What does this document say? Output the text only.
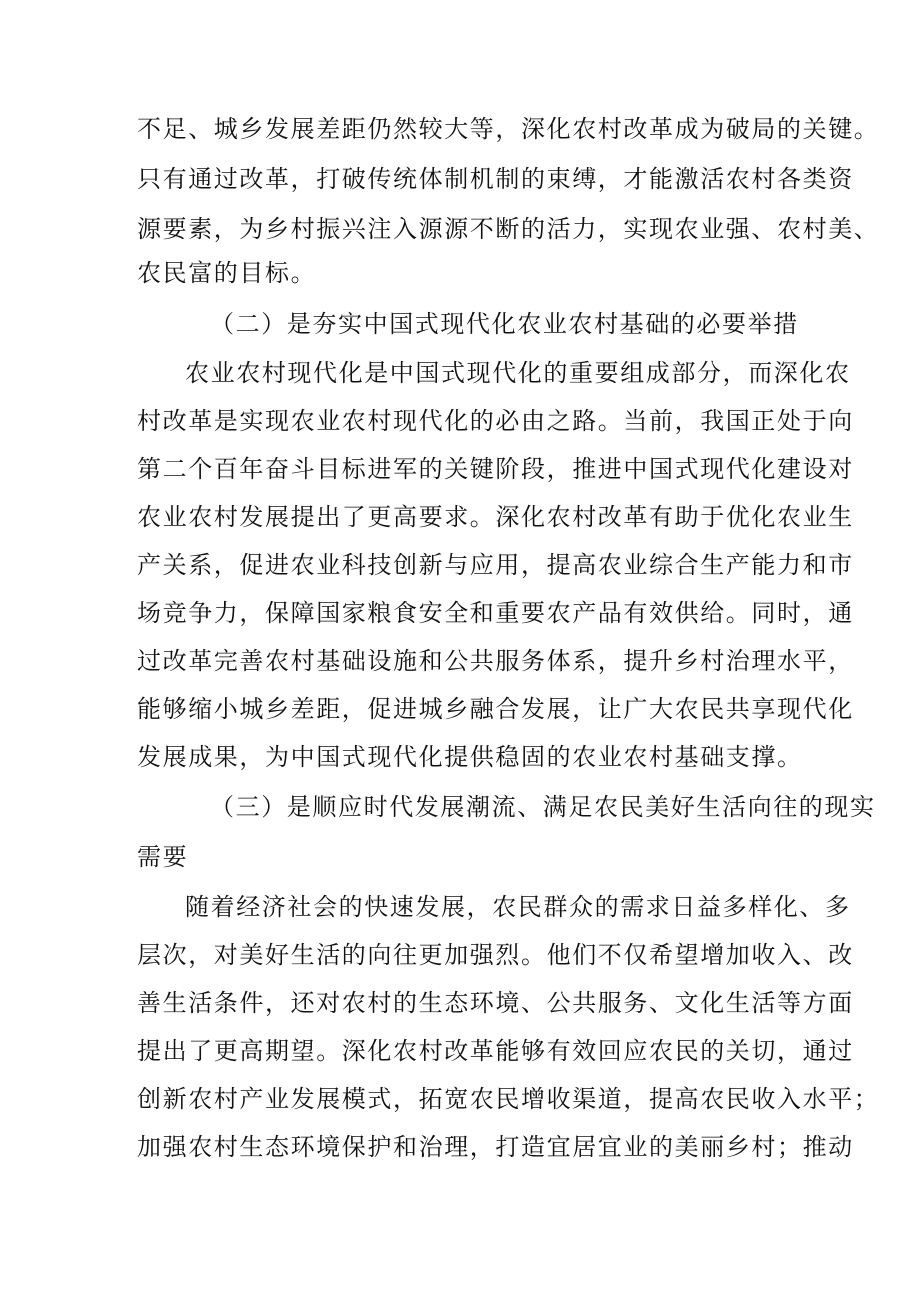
不足、城乡发展差距仍然较大等，深化农村改革成为破局的关键。
只有通过改革，打破传统体制机制的束缚，才能激活农村各类资
源要素，为乡村振兴注入源源不断的活力，实现农业强、农村美、
农民富的目标。
（二）是夯实中国式现代化农业农村基础的必要举措
农业农村现代化是中国式现代化的重要组成部分，而深化农
村改革是实现农业农村现代化的必由之路。当前，我国正处于向
第二个百年奋斗目标进军的关键阶段，推进中国式现代化建设对
农业农村发展提出了更高要求。深化农村改革有助于优化农业生
产关系，促进农业科技创新与应用，提高农业综合生产能力和市
场竞争力，保障国家粮食安全和重要农产品有效供给。同时，通
过改革完善农村基础设施和公共服务体系，提升乡村治理水平，
能够缩小城乡差距，促进城乡融合发展，让广大农民共享现代化
发展成果，为中国式现代化提供稳固的农业农村基础支撑。
（三）是顺应时代发展潮流、满足农民美好生活向往的现实
需要
随着经济社会的快速发展，农民群众的需求日益多样化、多
层次，对美好生活的向往更加强烈。他们不仅希望增加收入、改
善生活条件，还对农村的生态环境、公共服务、文化生活等方面
提出了更高期望。深化农村改革能够有效回应农民的关切，通过
创新农村产业发展模式，拓宽农民增收渠道，提高农民收入水平；
加强农村生态环境保护和治理，打造宜居宜业的美丽乡村；推动
